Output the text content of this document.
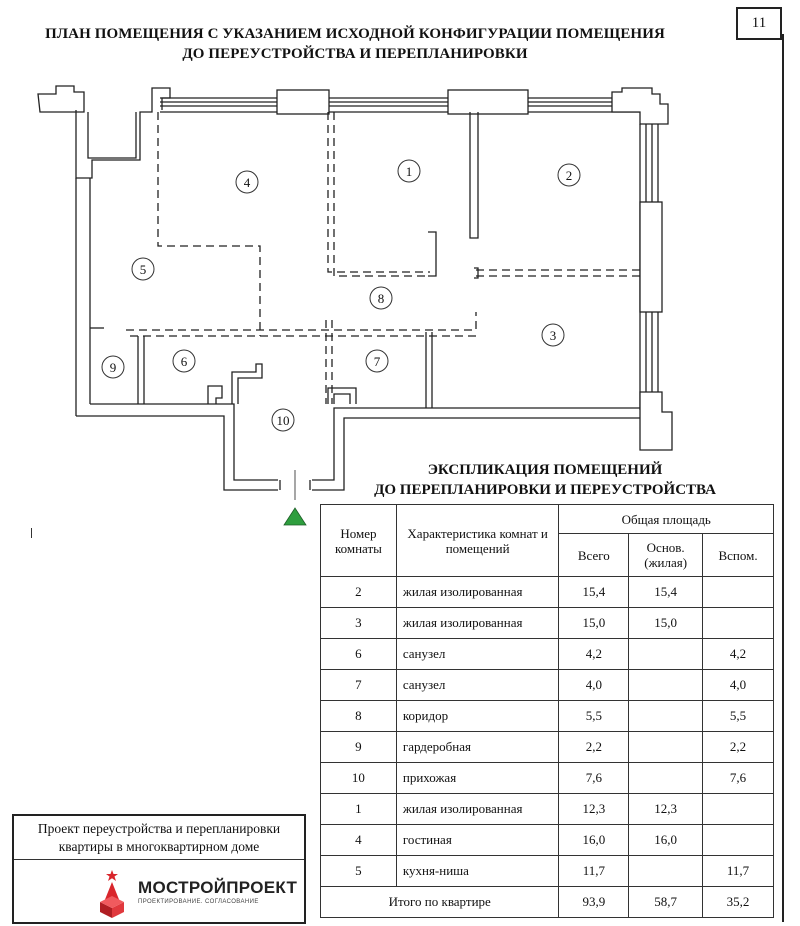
11
ПЛАН ПОМЕЩЕНИЯ С УКАЗАНИЕМ ИСХОДНОЙ КОНФИГУРАЦИИ ПОМЕЩЕНИЯ
ДО ПЕРЕУСТРОЙСТВА И ПЕРЕПЛАНИРОВКИ
1	2
3
4
5
6	7
8
9
10
ЭКСПЛИКАЦИЯ ПОМЕЩЕНИЙ
ДО ПЕРЕПЛАНИРОВКИ И ПЕРЕУСТРОЙСТВА
Номер комнаты	Характеристика комнат и помещений	Общая площадь		
		Всего	Основ. (жилая)	Вспом.
2	жилая изолированная	15,4	15,4	
3	жилая изолированная	15,0	15,0	
6	санузел	4,2		4,2
7	санузел	4,0		4,0
8	коридор	5,5		5,5
9	гардеробная	2,2		2,2
10	прихожая	7,6		7,6
1	жилая изолированная	12,3	12,3	
4	гостиная	16,0	16,0	
5	кухня-ниша	11,7		11,7
Итого по квартире		93,9	58,7	35,2
Проект переустройства и перепланировки
квартиры в многоквартирном доме
МОСТРОЙПРОЕКТ
ПРОЕКТИРОВАНИЕ. СОГЛАСОВАНИЕ
